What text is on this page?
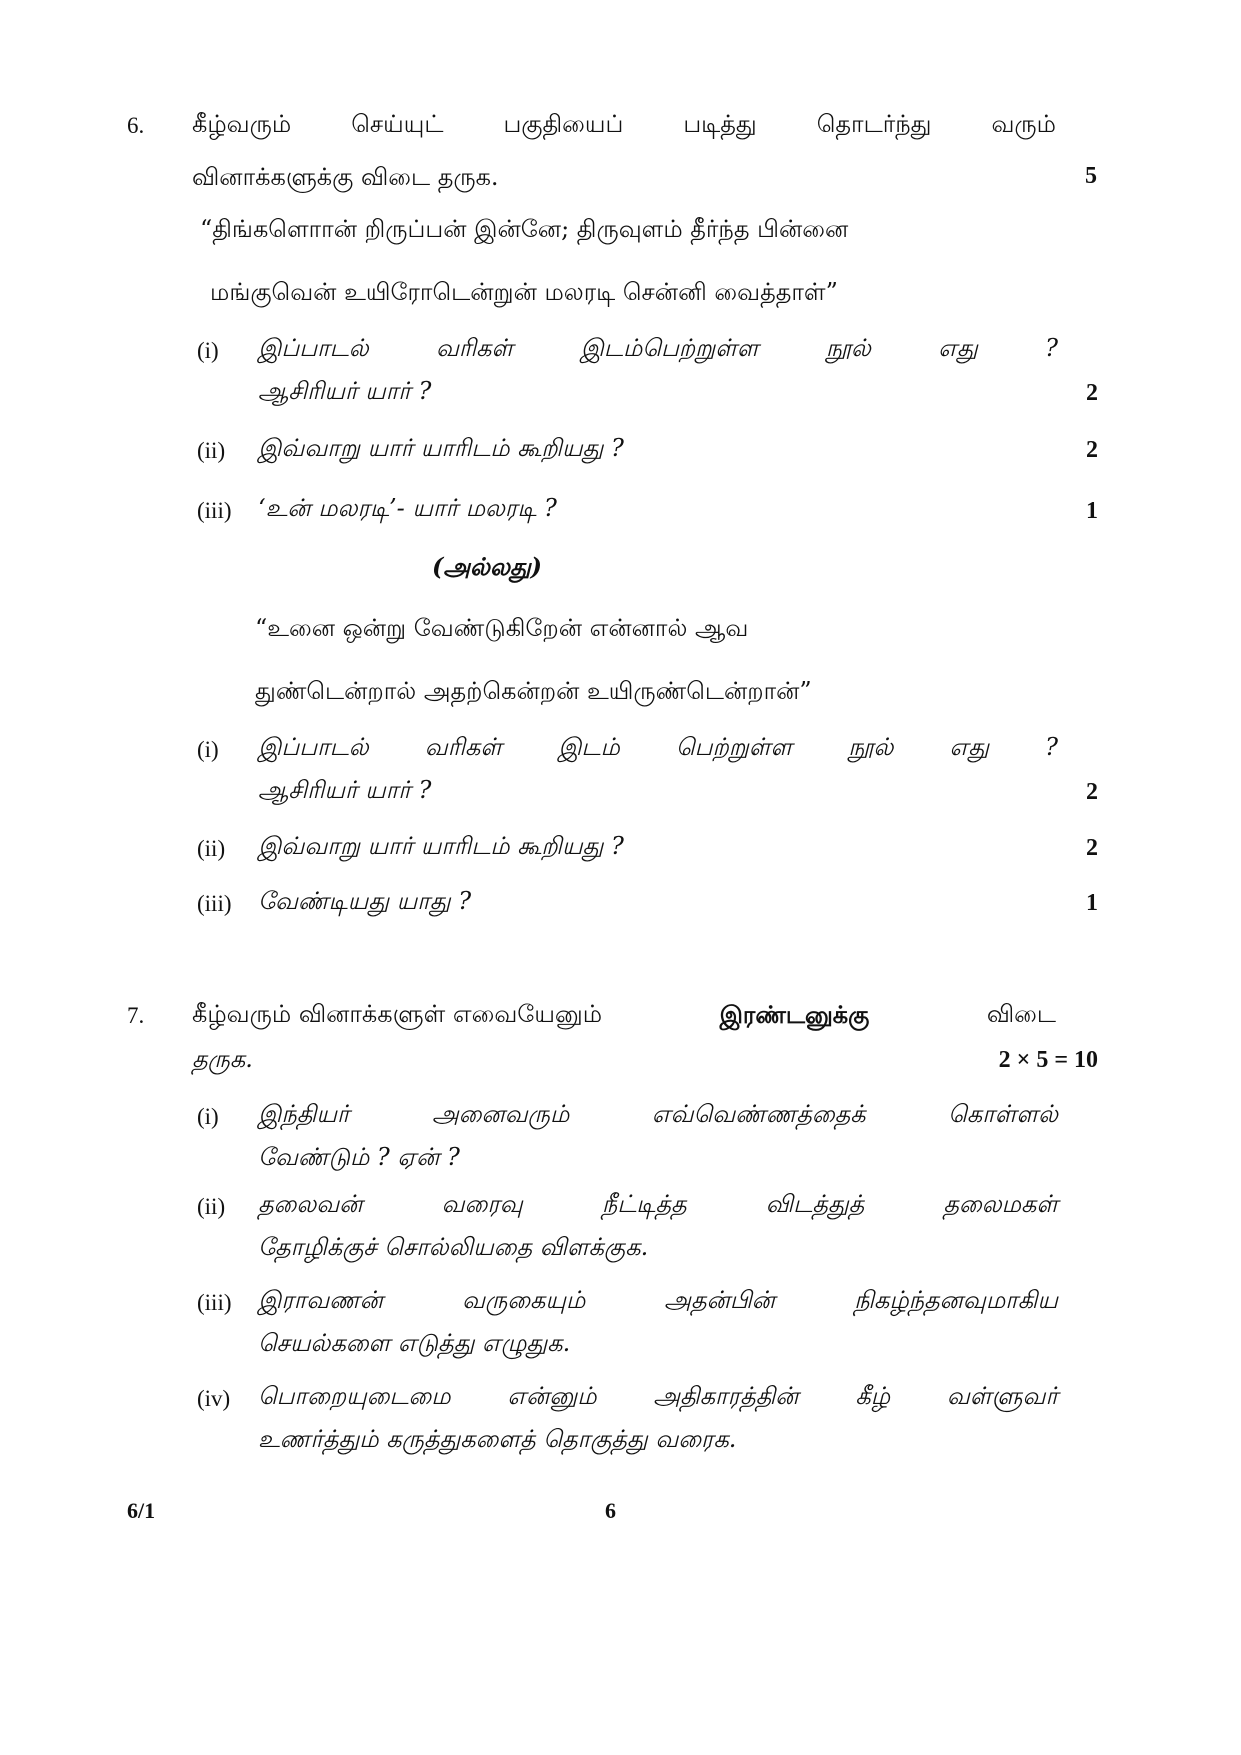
6. கீழ்வரும் செய்யுட் பகுதியைப் படித்து தொடர்ந்து வரும்
வினாக்களுக்கு விடை தருக.	5
“திங்களொான் றிருப்பன் இன்னே; திருவுளம் தீர்ந்த பின்னை
மங்குவென் உயிரோடென்றுன் மலரடி சென்னி வைத்தாள்”
(i) இப்பாடல் வரிகள் இடம்பெற்றுள்ள நூல் எது ?
ஆசிரியர் யார் ?	2
(ii) இவ்வாறு யார் யாரிடம் கூறியது ?	2
(iii) ‘உன் மலரடி’- யார் மலரடி ?	1
(அல்லது)
“உனை ஒன்று வேண்டுகிறேன் என்னால் ஆவ
துண்டென்றால் அதற்கென்றன் உயிருண்டென்றான்”
(i) இப்பாடல் வரிகள் இடம் பெற்றுள்ள நூல் எது ?
ஆசிரியர் யார் ?	2
(ii) இவ்வாறு யார் யாரிடம் கூறியது ?	2
(iii) வேண்டியது யாது ?	1
7. கீழ்வரும் வினாக்களுள் எவையேனும்	இரண்டனுக்கு	விடை
தருக.	2 × 5 = 10
(i) இந்தியர் அனைவரும் எவ்வெண்ணத்தைக் கொள்ளல்
வேண்டும் ? ஏன் ?
(ii) தலைவன் வரைவு நீட்டித்த விடத்துத் தலைமகள்
தோழிக்குச் சொல்லியதை விளக்குக.
(iii) இராவணன் வருகையும் அதன்பின் நிகழ்ந்தனவுமாகிய
செயல்களை எடுத்து எழுதுக.
(iv) பொறையுடைமை என்னும் அதிகாரத்தின் கீழ் வள்ளுவர்
உணர்த்தும் கருத்துகளைத் தொகுத்து வரைக.
6/1	6
